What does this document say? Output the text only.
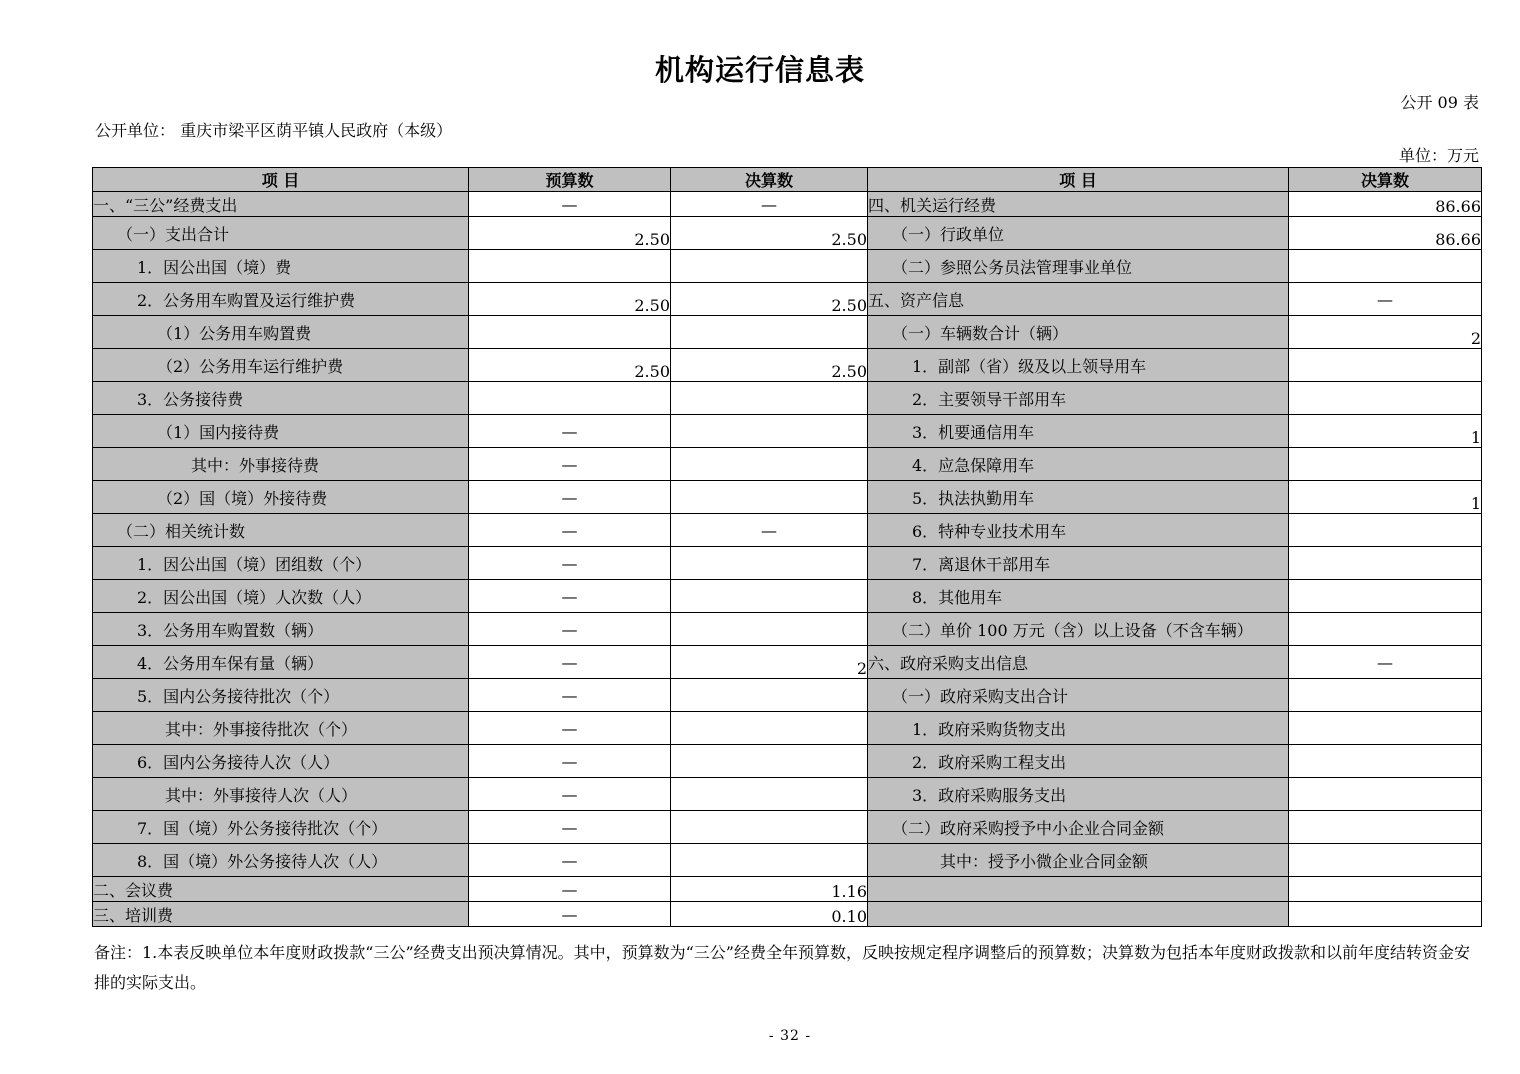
机构运行信息表
公开 09 表
公开单位： 重庆市梁平区荫平镇人民政府（本级）
单位：万元
项 目	预算数	决算数	项 目	决算数
一、“三公”经费支出	—	—	四、机关运行经费	86.66
（一）支出合计	2.50	2.50	（一）行政单位	86.66
1．因公出国（境）费			（二）参照公务员法管理事业单位	
2．公务用车购置及运行维护费	2.50	2.50	五、资产信息	—
（1）公务用车购置费			（一）车辆数合计（辆）	2
（2）公务用车运行维护费	2.50	2.50	1．副部（省）级及以上领导用车	
3．公务接待费			2．主要领导干部用车	
（1）国内接待费	—		3．机要通信用车	1
其中：外事接待费	—		4．应急保障用车	
（2）国（境）外接待费	—		5．执法执勤用车	1
（二）相关统计数	—	—	6．特种专业技术用车	
1．因公出国（境）团组数（个）	—		7．离退休干部用车	
2．因公出国（境）人次数（人）	—		8．其他用车	
3．公务用车购置数（辆）	—		（二）单价 100 万元（含）以上设备（不含车辆）	
4．公务用车保有量（辆）	—	2	六、政府采购支出信息	—
5．国内公务接待批次（个）	—		（一）政府采购支出合计	
其中：外事接待批次（个）	—		1．政府采购货物支出	
6．国内公务接待人次（人）	—		2．政府采购工程支出	
其中：外事接待人次（人）	—		3．政府采购服务支出	
7．国（境）外公务接待批次（个）	—		（二）政府采购授予中小企业合同金额	
8．国（境）外公务接待人次（人）	—		其中：授予小微企业合同金额	
二、会议费	—	1.16		
三、培训费	—	0.10		
备注：1.本表反映单位本年度财政拨款“三公”经费支出预决算情况。其中，预算数为“三公”经费全年预算数，反映按规定程序调整后的预算数；决算数为包括本年度财政拨款和以前年度结转资金安排的实际支出。
- 32 -
